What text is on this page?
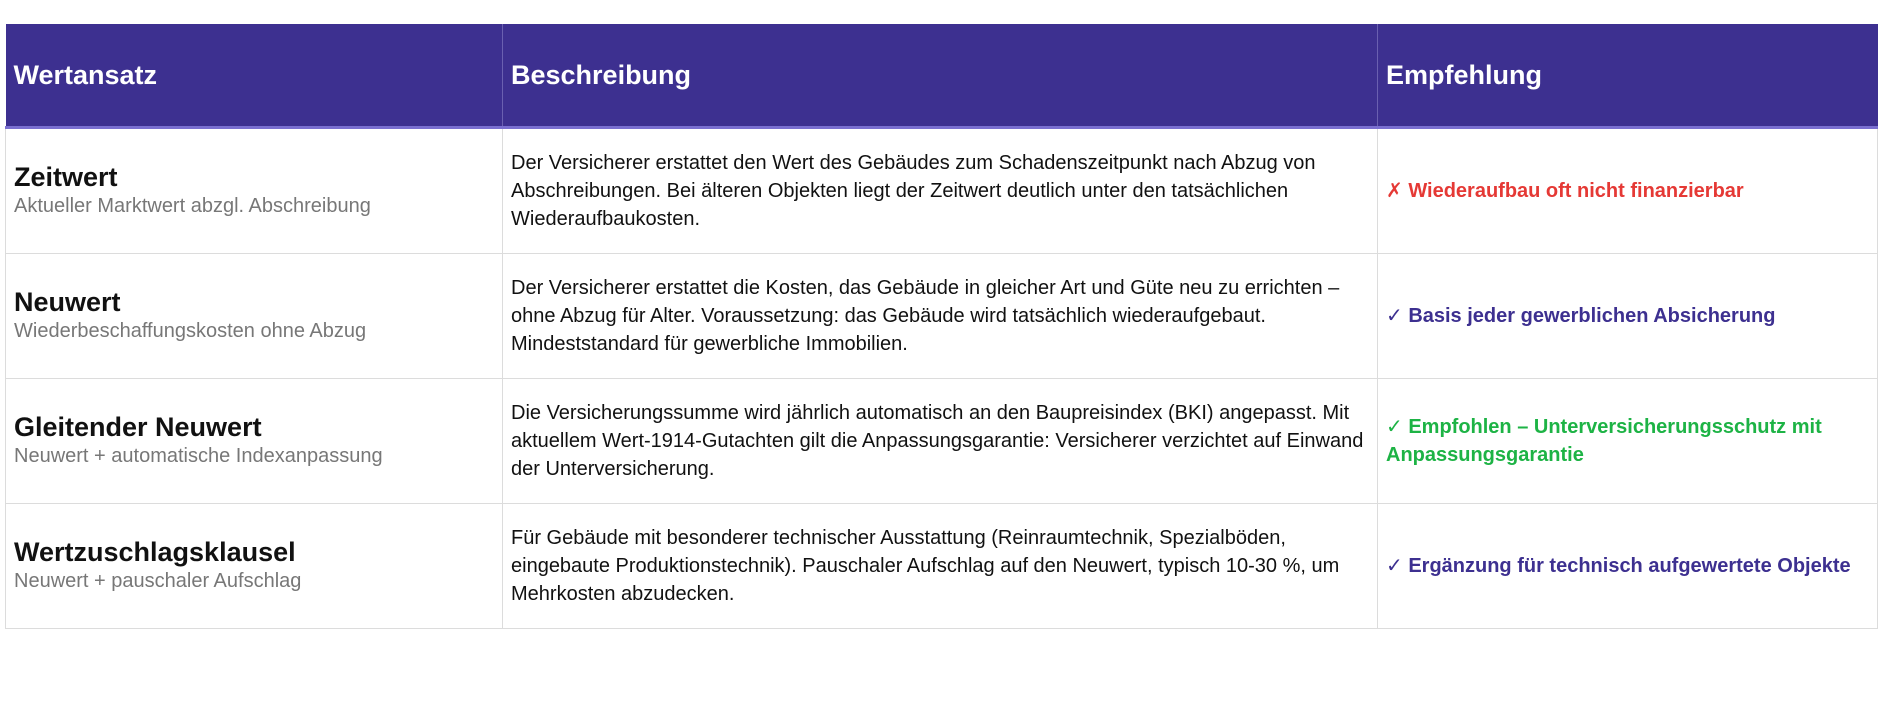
Wertansatz	Beschreibung	Empfehlung

Zeitwert
Aktueller Marktwert abzgl. Abschreibung	Der Versicherer erstattet den Wert des Gebäudes zum Schadenszeitpunkt nach Abzug von Abschreibungen. Bei älteren Objekten liegt der Zeitwert deutlich unter den tatsächlichen Wiederaufbaukosten.	✗ Wiederaufbau oft nicht finanzierbar

Neuwert
Wiederbeschaffungskosten ohne Abzug	Der Versicherer erstattet die Kosten, das Gebäude in gleicher Art und Güte neu zu errichten – ohne Abzug für Alter. Voraussetzung: das Gebäude wird tatsächlich wiederaufgebaut. Mindeststandard für gewerbliche Immobilien.	✓ Basis jeder gewerblichen Absicherung

Gleitender Neuwert
Neuwert + automatische Indexanpassung	Die Versicherungssumme wird jährlich automatisch an den Baupreisindex (BKI) angepasst. Mit aktuellem Wert-1914-Gutachten gilt die Anpassungsgarantie: Versicherer verzichtet auf Einwand der Unterversicherung.	✓ Empfohlen – Unterversicherungsschutz mit Anpassungsgarantie

Wertzuschlagsklausel
Neuwert + pauschaler Aufschlag	Für Gebäude mit besonderer technischer Ausstattung (Reinraumtechnik, Spezialböden, eingebaute Produktionstechnik). Pauschaler Aufschlag auf den Neuwert, typisch 10-30 %, um Mehrkosten abzudecken.	✓ Ergänzung für technisch aufgewertete Objekte
